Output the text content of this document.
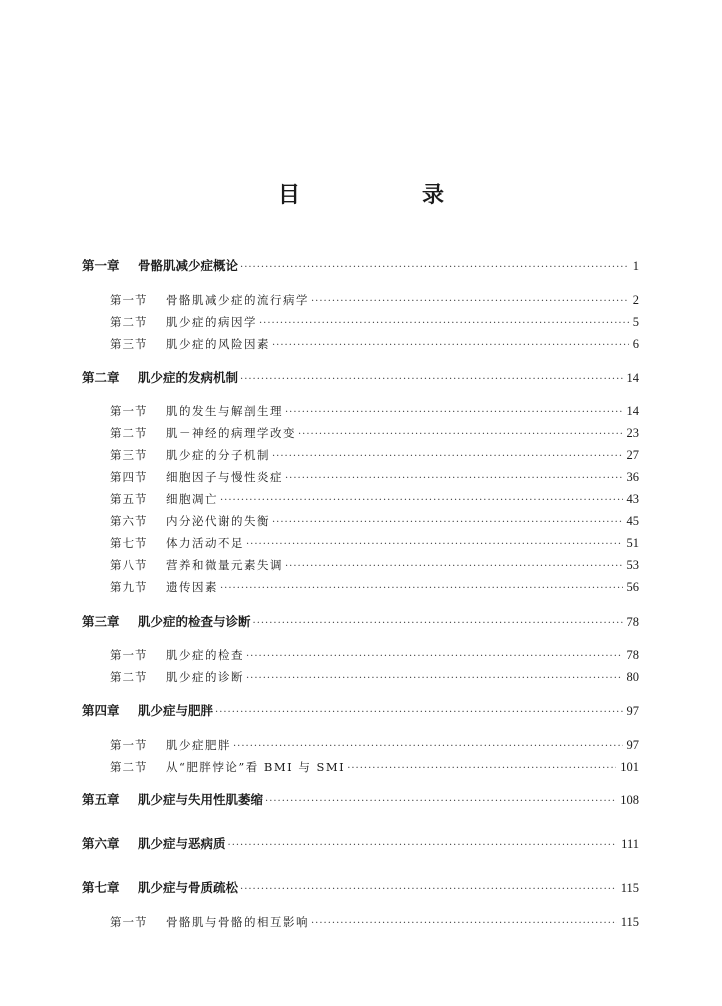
目　录
第一章	骨骼肌减少症概论 ·····	1
第一节	骨骼肌减少症的流行病学 ·····	2
第二节	肌少症的病因学 ·····	5
第三节	肌少症的风险因素 ·····	6
第二章	肌少症的发病机制 ·····	14
第一节	肌的发生与解剖生理 ·····	14
第二节	肌－神经的病理学改变 ·····	23
第三节	肌少症的分子机制 ·····	27
第四节	细胞因子与慢性炎症 ·····	36
第五节	细胞凋亡 ·····	43
第六节	内分泌代谢的失衡 ·····	45
第七节	体力活动不足 ·····	51
第八节	营养和微量元素失调 ·····	53
第九节	遗传因素 ·····	56
第三章	肌少症的检查与诊断 ·····	78
第一节	肌少症的检查 ·····	78
第二节	肌少症的诊断 ·····	80
第四章	肌少症与肥胖 ·····	97
第一节	肌少症肥胖 ·····	97
第二节	从“肥胖悖论”看 BMI 与 SMI ·····	101
第五章	肌少症与失用性肌萎缩 ·····	108
第六章	肌少症与恶病质 ·····	111
第七章	肌少症与骨质疏松 ·····	115
第一节	骨骼肌与骨骼的相互影响 ·····	115
